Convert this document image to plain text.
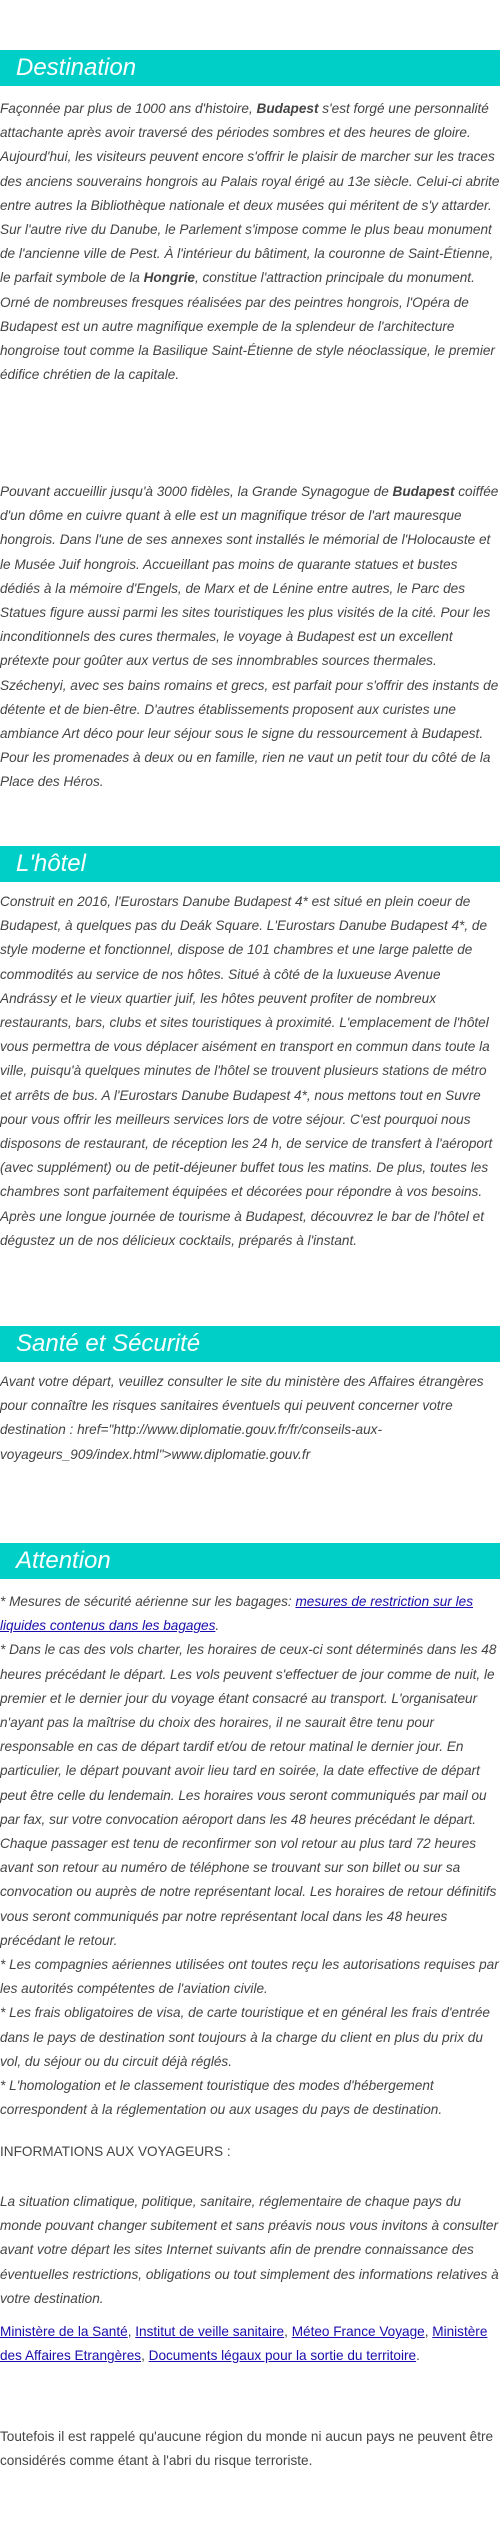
Destination

Façonnée par plus de 1000 ans d'histoire, Budapest s'est forgé une personnalité attachante après avoir traversé des périodes sombres et des heures de gloire. Aujourd'hui, les visiteurs peuvent encore s'offrir le plaisir de marcher sur les traces des anciens souverains hongrois au Palais royal érigé au 13e siècle. Celui-ci abrite entre autres la Bibliothèque nationale et deux musées qui méritent de s'y attarder. Sur l'autre rive du Danube, le Parlement s'impose comme le plus beau monument de l'ancienne ville de Pest. À l'intérieur du bâtiment, la couronne de Saint-Étienne, le parfait symbole de la Hongrie, constitue l'attraction principale du monument. Orné de nombreuses fresques réalisées par des peintres hongrois, l'Opéra de Budapest est un autre magnifique exemple de la splendeur de l'architecture hongroise tout comme la Basilique Saint-Étienne de style néoclassique, le premier édifice chrétien de la capitale.

Pouvant accueillir jusqu'à 3000 fidèles, la Grande Synagogue de Budapest coiffée d'un dôme en cuivre quant à elle est un magnifique trésor de l'art mauresque hongrois. Dans l'une de ses annexes sont installés le mémorial de l'Holocauste et le Musée Juif hongrois. Accueillant pas moins de quarante statues et bustes dédiés à la mémoire d'Engels, de Marx et de Lénine entre autres, le Parc des Statues figure aussi parmi les sites touristiques les plus visités de la cité. Pour les inconditionnels des cures thermales, le voyage à Budapest est un excellent prétexte pour goûter aux vertus de ses innombrables sources thermales. Széchenyi, avec ses bains romains et grecs, est parfait pour s'offrir des instants de détente et de bien-être. D'autres établissements proposent aux curistes une ambiance Art déco pour leur séjour sous le signe du ressourcement à Budapest. Pour les promenades à deux ou en famille, rien ne vaut un petit tour du côté de la Place des Héros.

L'hôtel

Construit en 2016, l'Eurostars Danube Budapest 4* est situé en plein coeur de Budapest, à quelques pas du Deák Square. L'Eurostars Danube Budapest 4*, de style moderne et fonctionnel, dispose de 101 chambres et une large palette de commodités au service de nos hôtes. Situé à côté de la luxueuse Avenue Andrássy et le vieux quartier juif, les hôtes peuvent profiter de nombreux restaurants, bars, clubs et sites touristiques à proximité. L'emplacement de l'hôtel vous permettra de vous déplacer aisément en transport en commun dans toute la ville, puisqu'à quelques minutes de l'hôtel se trouvent plusieurs stations de métro et arrêts de bus. A l'Eurostars Danube Budapest 4*, nous mettons tout en Suvre pour vous offrir les meilleurs services lors de votre séjour. C'est pourquoi nous disposons de restaurant, de réception les 24 h, de service de transfert à l'aéroport (avec supplément) ou de petit-déjeuner buffet tous les matins. De plus, toutes les chambres sont parfaitement équipées et décorées pour répondre à vos besoins. Après une longue journée de tourisme à Budapest, découvrez le bar de l'hôtel et dégustez un de nos délicieux cocktails, préparés à l'instant.

Santé et Sécurité

Avant votre départ, veuillez consulter le site du ministère des Affaires étrangères pour connaître les risques sanitaires éventuels qui peuvent concerner votre destination : href="http://www.diplomatie.gouv.fr/fr/conseils-aux-voyageurs_909/index.html">www.diplomatie.gouv.fr

Attention
* Mesures de sécurité aérienne sur les bagages: mesures de restriction sur les liquides contenus dans les bagages.
* Dans le cas des vols charter, les horaires de ceux-ci sont déterminés dans les 48 heures précédant le départ. Les vols peuvent s'effectuer de jour comme de nuit, le premier et le dernier jour du voyage étant consacré au transport. L'organisateur n'ayant pas la maîtrise du choix des horaires, il ne saurait être tenu pour responsable en cas de départ tardif et/ou de retour matinal le dernier jour. En particulier, le départ pouvant avoir lieu tard en soirée, la date effective de départ peut être celle du lendemain. Les horaires vous seront communiqués par mail ou par fax, sur votre convocation aéroport dans les 48 heures précédant le départ. Chaque passager est tenu de reconfirmer son vol retour au plus tard 72 heures avant son retour au numéro de téléphone se trouvant sur son billet ou sur sa convocation ou auprès de notre représentant local. Les horaires de retour définitifs vous seront communiqués par notre représentant local dans les 48 heures précédant le retour.
* Les compagnies aériennes utilisées ont toutes reçu les autorisations requises par les autorités compétentes de l'aviation civile.
* Les frais obligatoires de visa, de carte touristique et en général les frais d'entrée dans le pays de destination sont toujours à la charge du client en plus du prix du vol, du séjour ou du circuit déjà réglés.
* L'homologation et le classement touristique des modes d'hébergement correspondent à la réglementation ou aux usages du pays de destination.
INFORMATIONS AUX VOYAGEURS :

La situation climatique, politique, sanitaire, réglementaire de chaque pays du monde pouvant changer subitement et sans préavis nous vous invitons à consulter avant votre départ les sites Internet suivants afin de prendre connaissance des éventuelles restrictions, obligations ou tout simplement des informations relatives à votre destination.

Ministère de la Santé, Institut de veille sanitaire, Méteo France Voyage, Ministère des Affaires Etrangères, Documents légaux pour la sortie du territoire.

Toutefois il est rappelé qu'aucune région du monde ni aucun pays ne peuvent être considérés comme étant à l'abri du risque terroriste.
